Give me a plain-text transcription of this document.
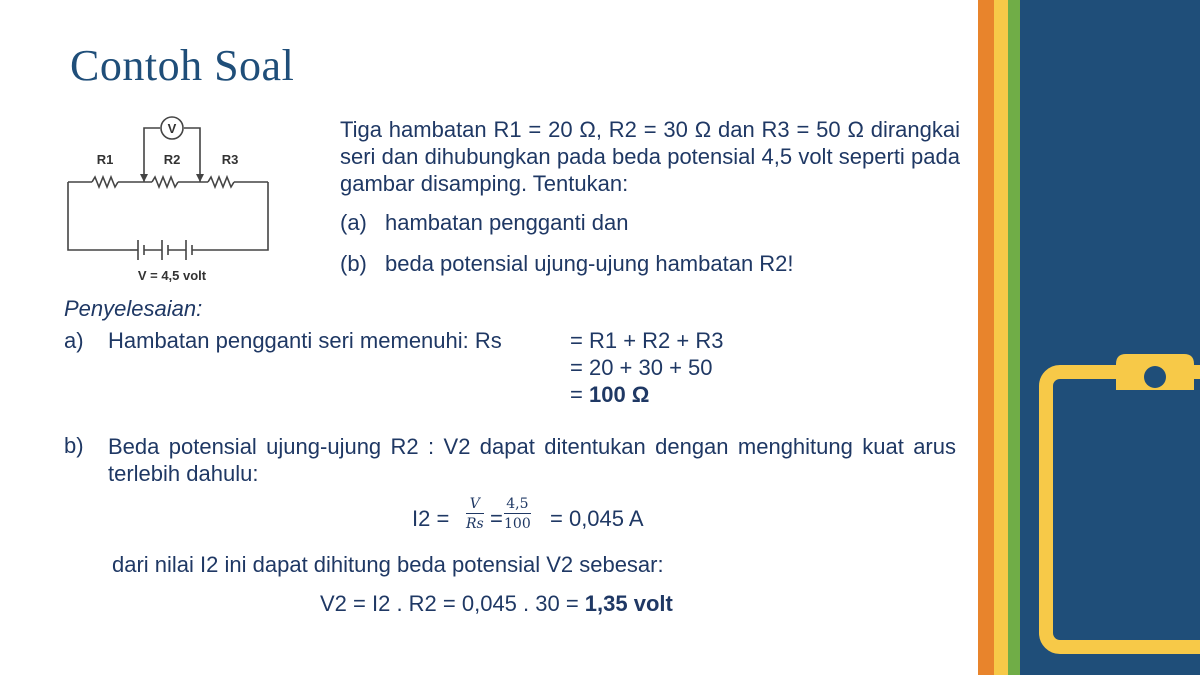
Contoh Soal
V
R1	R2	R3
V = 4,5 volt
Tiga hambatan R1 = 20 Ω, R2 = 30 Ω dan R3 = 50 Ω dirangkai seri dan dihubungkan pada beda potensial 4,5 volt seperti pada gambar disamping. Tentukan:
(a) hambatan pengganti dan
(b) beda potensial ujung-ujung hambatan R2!
Penyelesaian:
a) Hambatan pengganti seri memenuhi: Rs	= R1 + R2 + R3
= 20 + 30 + 50
= 100 Ω
b) Beda potensial ujung-ujung R2 : V2 dapat ditentukan dengan menghitung kuat arus terlebih dahulu:
$I2 = \frac{V}{Rs} = \frac{4,5}{100} = 0,045$ A
dari nilai I2 ini dapat dihitung beda potensial V2 sebesar:
V2 = I2 . R2 = 0,045 . 30 = 1,35 volt
